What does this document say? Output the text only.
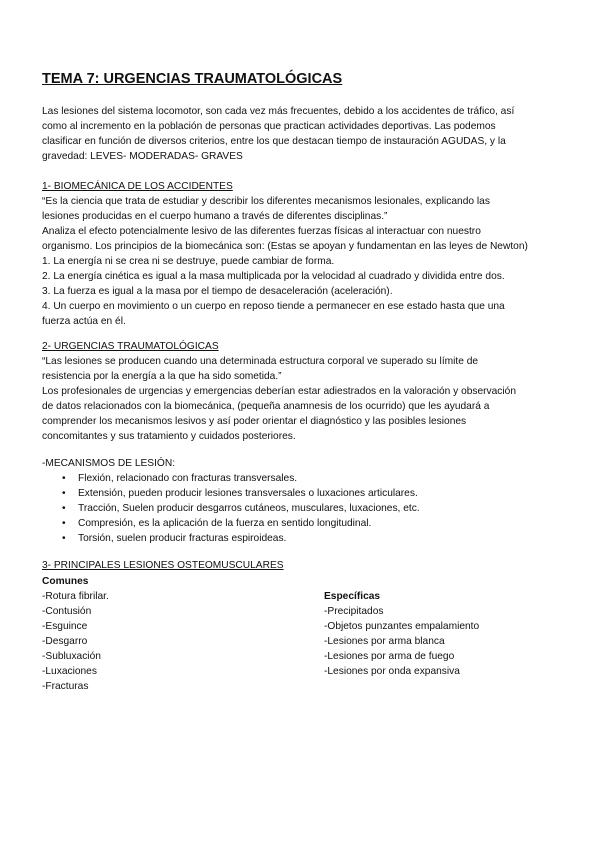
TEMA 7: URGENCIAS TRAUMATOLÓGICAS
Las lesiones del sistema locomotor, son cada vez más frecuentes, debido a los accidentes de tráfico, así
como al incremento en la población de personas que practican actividades deportivas. Las podemos
clasificar en función de diversos criterios, entre los que destacan tiempo de instauración AGUDAS, y la
gravedad: LEVES- MODERADAS- GRAVES
1- BIOMECÁNICA DE LOS ACCIDENTES
“Es la ciencia que trata de estudiar y describir los diferentes mecanismos lesionales, explicando las
lesiones producidas en el cuerpo humano a través de diferentes disciplinas.”
Analiza el efecto potencialmente lesivo de las diferentes fuerzas físicas al interactuar con nuestro
organismo. Los principios de la biomecánica son: (Estas se apoyan y fundamentan en las leyes de Newton)
1. La energía ni se crea ni se destruye, puede cambiar de forma.
2. La energía cinética es igual a la masa multiplicada por la velocidad al cuadrado y dividida entre dos.
3. La fuerza es igual a la masa por el tiempo de desaceleración (aceleración).
4. Un cuerpo en movimiento o un cuerpo en reposo tiende a permanecer en ese estado hasta que una
fuerza actúa en él.
2- URGENCIAS TRAUMATOLÓGICAS
“Las lesiones se producen cuando una determinada estructura corporal ve superado su límite de
resistencia por la energía a la que ha sido sometida.”
Los profesionales de urgencias y emergencias deberían estar adiestrados en la valoración y observación
de datos relacionados con la biomecánica, (pequeña anamnesis de los ocurrido) que les ayudará a
comprender los mecanismos lesivos y así poder orientar el diagnóstico y las posibles lesiones
concomitantes y sus tratamiento y cuidados posteriores.
-MECANISMOS DE LESIÓN:
• Flexión, relacionado con fracturas transversales.
• Extensión, pueden producir lesiones transversales o luxaciones articulares.
• Tracción, Suelen producir desgarros cutáneos, musculares, luxaciones, etc.
• Compresión, es la aplicación de la fuerza en sentido longitudinal.
• Torsión, suelen producir fracturas espiroideas.
3- PRINCIPALES LESIONES OSTEOMUSCULARES
Comunes
-Rotura fibrilar.
-Contusión
-Esguince
-Desgarro
-Subluxación
-Luxaciones
-Fracturas
Específicas
-Precipitados
-Objetos punzantes empalamiento
-Lesiones por arma blanca
-Lesiones por arma de fuego
-Lesiones por onda expansiva
